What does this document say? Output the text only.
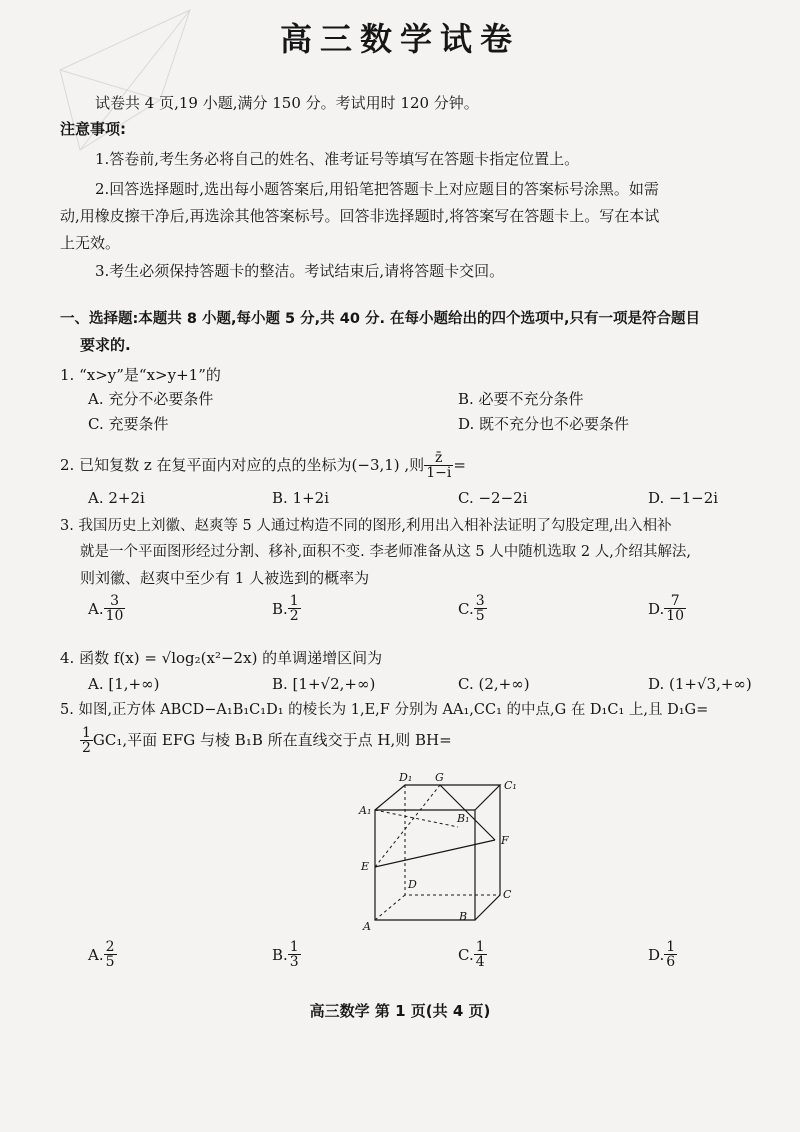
高三数学试卷
试卷共 4 页,19 小题,满分 150 分。考试用时 120 分钟。
注意事项:
1.答卷前,考生务必将自己的姓名、准考证号等填写在答题卡指定位置上。
2.回答选择题时,选出每小题答案后,用铅笔把答题卡上对应题目的答案标号涂黑。如需
动,用橡皮擦干净后,再选涂其他答案标号。回答非选择题时,将答案写在答题卡上。写在本试
上无效。
3.考生必须保持答题卡的整洁。考试结束后,请将答题卡交回。
一、选择题:本题共 8 小题,每小题 5 分,共 40 分. 在每小题给出的四个选项中,只有一项是符合题目
要求的.
1. “x>y”是“x>y+1”的
A. 充分不必要条件	B. 必要不充分条件
C. 充要条件	D. 既不充分也不必要条件
2. 已知复数 z 在复平面内对应的点的坐标为(−3,1) ,则 $\frac{z̄}{1-i}$ =
A. 2+2i	B. 1+2i	C. −2−2i	D. −1−2i
3. 我国历史上刘徽、赵爽等 5 人通过构造不同的图形,利用出入相补法证明了勾股定理,出入相补
就是一个平面图形经过分割、移补,面积不变. 李老师准备从这 5 人中随机选取 2 人,介绍其解法,
则刘徽、赵爽中至少有 1 人被选到的概率为
A. $\frac{3}{10}$	B. $\frac{1}{2}$	C. $\frac{3}{5}$	D. $\frac{7}{10}$
4. 函数 f(x) = √log₂(x²−2x) 的单调递增区间为
A. [1,+∞)	B. [1+√2,+∞)	C. (2,+∞)	D. (1+√3,+∞)
5. 如图,正方体 ABCD−A₁B₁C₁D₁ 的棱长为 1,E,F 分别为 AA₁,CC₁ 的中点,G 在 D₁C₁ 上,且 D₁G=
$\frac{1}{2} GC_1$,平面 EFG 与棱 B₁B 所在直线交于点 H,则 BH=
D₁ G
C₁
A₁
B₁
F
E
D
C
A
B
A. $\frac{2}{5}$	B. $\frac{1}{3}$	C. $\frac{1}{4}$	D. $\frac{1}{6}$
高三数学 第 1 页(共 4 页)
